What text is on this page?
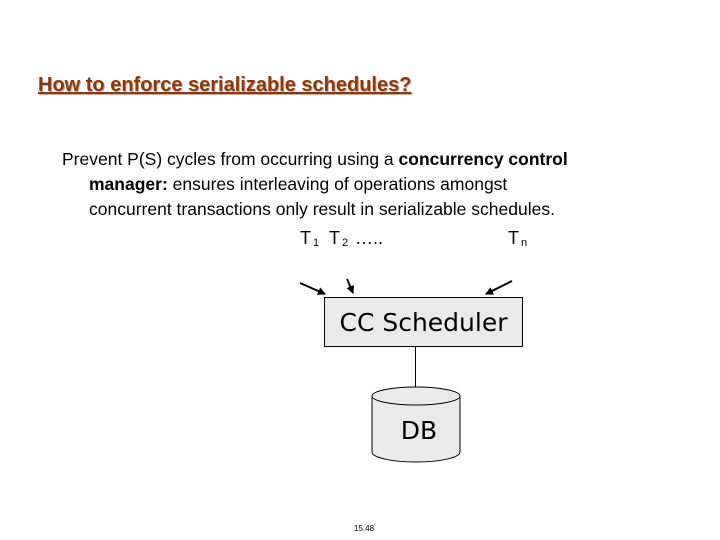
How to enforce serializable schedules?
Prevent P(S) cycles from occurring using a concurrency control
manager: ensures interleaving of operations amongst
concurrent transactions only result in serializable schedules.
T $_1$ T $_2$ …..	T $_n$
CC Scheduler
DB
15.48
